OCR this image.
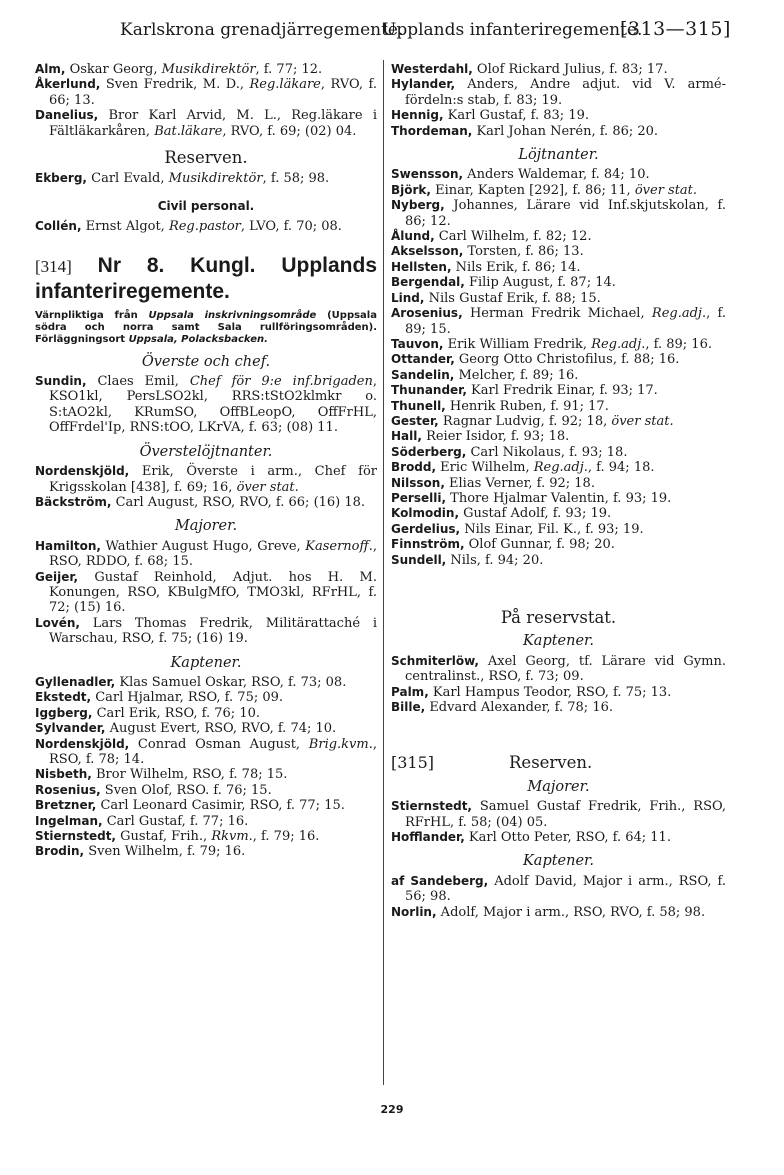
Karlskrona grenadjärregemente.
Upplands infanteriregemente.
[313—315]

Alm, Oskar Georg, Musikdirektör, f. 77; 12.

Åkerlund, Sven Fredrik, M. D., Reg.läkare, RVO, f. 66; 13.

Danelius, Bror Karl Arvid, M. L., Reg.läkare i Fältläkarkåren, Bat.läkare, RVO, f. 69; (02) 04.

Reserven.

Ekberg, Carl Evald, Musikdirektör, f. 58; 98.

Civil personal.

Collén, Ernst Algot, Reg.pastor, LVO, f. 70; 08.

[314] Nr 8. Kungl. Upplands infanteriregemente.
Värnpliktiga från Uppsala inskrivningsområde (Uppsala södra och norra samt Sala rullföringsområden). Förläggningsort Uppsala, Polacksbacken.
Överste och chef.

Sundin, Claes Emil, Chef för 9:e inf.brigaden, KSO1kl, PersLSO2kl, RRS:tStO2klmkr o. S:tAO2kl, KRumSO, OffBLeopO, OffFrHL, OffFrdel'Ip, RNS:tOO, LKrVA, f. 63; (08) 11.

Överstelöjtnanter.

Nordenskjöld, Erik, Överste i arm., Chef för Krigsskolan [438], f. 69; 16, över stat.

Bäckström, Carl August, RSO, RVO, f. 66; (16) 18.

Majorer.

Hamilton, Wathier August Hugo, Greve, Kasernoff., RSO, RDDO, f. 68; 15.

Geijer, Gustaf Reinhold, Adjut. hos H. M. Konungen, RSO, KBulgMfO, TMO3kl, RFrHL, f. 72; (15) 16.

Lovén, Lars Thomas Fredrik, Militärattaché i Warschau, RSO, f. 75; (16) 19.

Kaptener.

Gyllenadler, Klas Samuel Oskar, RSO, f. 73; 08.

Ekstedt, Carl Hjalmar, RSO, f. 75; 09.

Iggberg, Carl Erik, RSO, f. 76; 10.

Sylvander, August Evert, RSO, RVO, f. 74; 10.

Nordenskjöld, Conrad Osman August, Brig.kvm., RSO, f. 78; 14.

Nisbeth, Bror Wilhelm, RSO, f. 78; 15.

Rosenius, Sven Olof, RSO. f. 76; 15.

Bretzner, Carl Leonard Casimir, RSO, f. 77; 15.

Ingelman, Carl Gustaf, f. 77; 16.

Stiernstedt, Gustaf, Frih., Rkvm., f. 79; 16.

Brodin, Sven Wilhelm, f. 79; 16.

Westerdahl, Olof Rickard Julius, f. 83; 17.

Hylander, Anders, Andre adjut. vid V. armé-fördeln:s stab, f. 83; 19.

Hennig, Karl Gustaf, f. 83; 19.

Thordeman, Karl Johan Nerén, f. 86; 20.

Löjtnanter.

Swensson, Anders Waldemar, f. 84; 10.

Björk, Einar, Kapten [292], f. 86; 11, över stat.

Nyberg, Johannes, Lärare vid Inf.skjutskolan, f. 86; 12.

Ålund, Carl Wilhelm, f. 82; 12.

Akselsson, Torsten, f. 86; 13.

Hellsten, Nils Erik, f. 86; 14.

Bergendal, Filip August, f. 87; 14.

Lind, Nils Gustaf Erik, f. 88; 15.

Arosenius, Herman Fredrik Michael, Reg.adj., f. 89; 15.

Tauvon, Erik William Fredrik, Reg.adj., f. 89; 16.

Ottander, Georg Otto Christofilus, f. 88; 16.

Sandelin, Melcher, f. 89; 16.

Thunander, Karl Fredrik Einar, f. 93; 17.

Thunell, Henrik Ruben, f. 91; 17.

Gester, Ragnar Ludvig, f. 92; 18, över stat.

Hall, Reier Isidor, f. 93; 18.

Söderberg, Carl Nikolaus, f. 93; 18.

Brodd, Eric Wilhelm, Reg.adj., f. 94; 18.

Nilsson, Elias Verner, f. 92; 18.

Perselli, Thore Hjalmar Valentin, f. 93; 19.

Kolmodin, Gustaf Adolf, f. 93; 19.

Gerdelius, Nils Einar, Fil. K., f. 93; 19.

Finnström, Olof Gunnar, f. 98; 20.

Sundell, Nils, f. 94; 20.

På reservstat.
Kaptener.

Schmiterlöw, Axel Georg, tf. Lärare vid Gymn. centralinst., RSO, f. 73; 09.

Palm, Karl Hampus Teodor, RSO, f. 75; 13.

Bille, Edvard Alexander, f. 78; 16.

[315]	Reserven.
Majorer.

Stiernstedt, Samuel Gustaf Fredrik, Frih., RSO, RFrHL, f. 58; (04) 05.

Hofflander, Karl Otto Peter, RSO, f. 64; 11.

Kaptener.

af Sandeberg, Adolf David, Major i arm., RSO, f. 56; 98.

Norlin, Adolf, Major i arm., RSO, RVO, f. 58; 98.

229
